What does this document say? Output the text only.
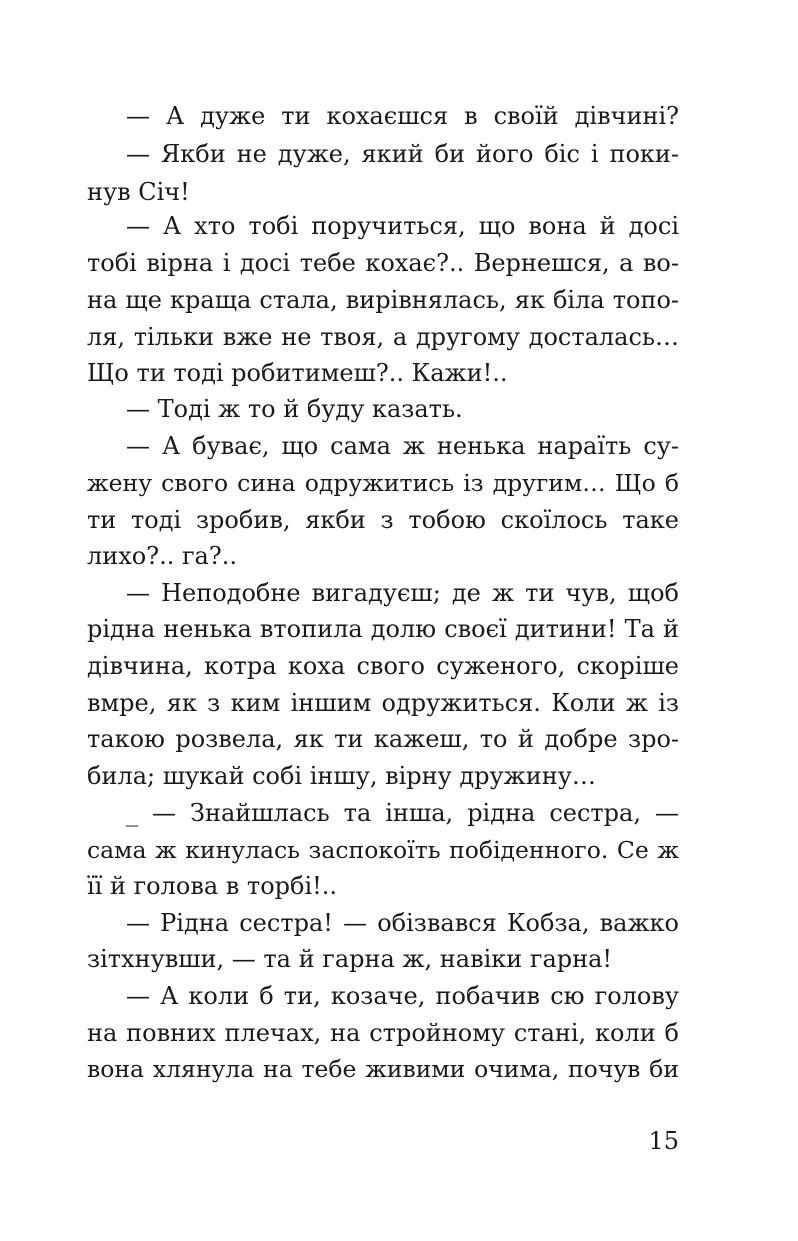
— А дуже ти кохаєшся в своїй дівчині?
— Якби не дуже, який би його біс і поки-
нув Січ!
— А хто тобі поручиться, що вона й досі
тобі вірна і досі тебе кохає?.. Вернешся, а во-
на ще краща стала, вирівнялась, як біла топо-
ля, тільки вже не твоя, а другому досталась…
Що ти тоді робитимеш?.. Кажи!..
— Тоді ж то й буду казать.
— А буває, що сама ж ненька нараїть су-
жену свого сина одружитись із другим… Що б
ти тоді зробив, якби з тобою скоїлось таке
лихо?.. га?..
— Неподобне вигадуєш; де ж ти чув, щоб
рідна ненька втопила долю своєї дитини! Та й
дівчина, котра коха свого суженого, скоріше
вмре, як з ким іншим одружиться. Коли ж із
такою розвела, як ти кажеш, то й добре зро-
била; шукай собі іншу, вірну дружину…
_ — Знайшлась та інша, рідна сестра, —
сама ж кинулась заспокоїть побіденного. Се ж
її й голова в торбі!..
— Рідна сестра! — обізвався Кобза, важко
зітхнувши, — та й гарна ж, навіки гарна!
— А коли б ти, козаче, побачив сю голову
на повних плечах, на стройному стані, коли б
вона хлянула на тебе живими очима, почув би
15
